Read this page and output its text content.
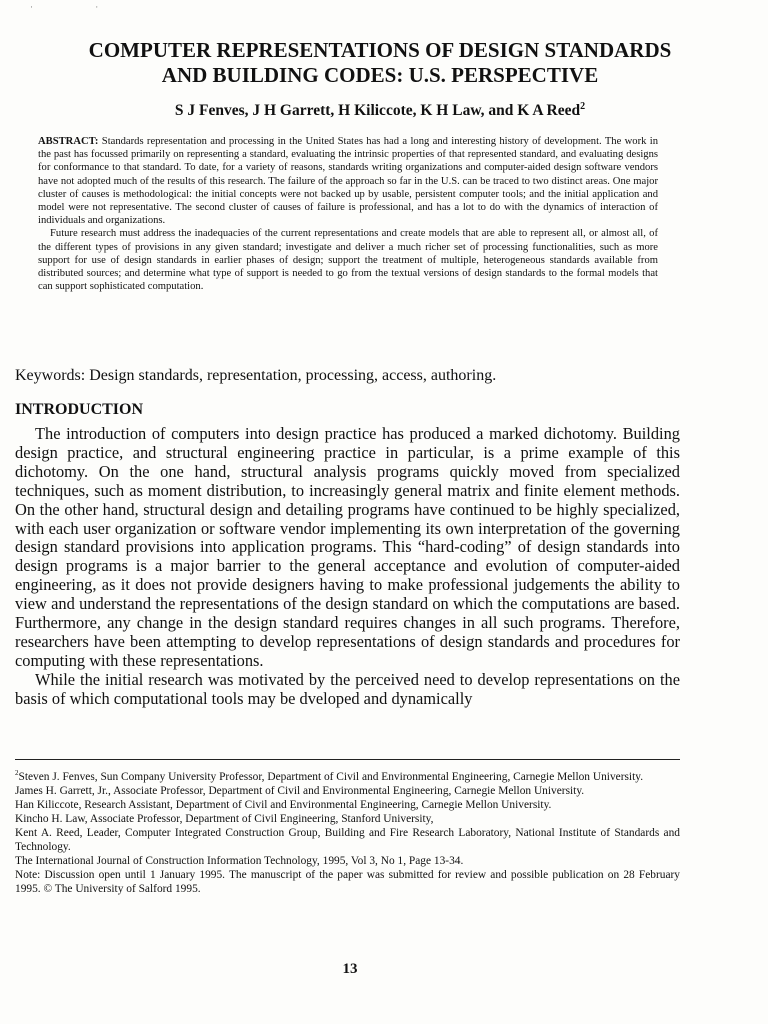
· ·
COMPUTER REPRESENTATIONS OF DESIGN STANDARDS
AND BUILDING CODES: U.S. PERSPECTIVE
S J Fenves, J H Garrett, H Kiliccote, K H Law, and K A Reed$^2$

ABSTRACT: Standards representation and processing in the United States has had a long and interesting history of development. The work in the past has focussed primarily on representing a standard, evaluating the intrinsic properties of that represented standard, and evaluating designs for conformance to that standard. To date, for a variety of reasons, standards writing organizations and computer-aided design software vendors have not adopted much of the results of this research. The failure of the approach so far in the U.S. can be traced to two distinct areas. One major cluster of causes is methodological: the initial concepts were not backed up by usable, persistent computer tools; and the initial application and model were not representative. The second cluster of causes of failure is professional, and has a lot to do with the dynamics of interaction of individuals and organizations.

Future research must address the inadequacies of the current representations and create models that are able to represent all, or almost all, of the different types of provisions in any given standard; investigate and deliver a much richer set of processing functionalities, such as more support for use of design standards in earlier phases of design; support the treatment of multiple, heterogeneous standards available from distributed sources; and determine what type of support is needed to go from the textual versions of design standards to the formal models that can support sophisticated computation.

Keywords: Design standards, representation, processing, access, authoring.
INTRODUCTION

The introduction of computers into design practice has produced a marked dichotomy. Building design practice, and structural engineering practice in particular, is a prime example of this dichotomy. On the one hand, structural analysis programs quickly moved from specialized techniques, such as moment distribution, to increasingly general matrix and finite element methods. On the other hand, structural design and detailing programs have continued to be highly specialized, with each user organization or software vendor implementing its own interpretation of the governing design standard provisions into application programs. This “hard-coding” of design standards into design programs is a major barrier to the general acceptance and evolution of computer-aided engineering, as it does not provide designers having to make professional judgements the ability to view and understand the representations of the design standard on which the computations are based. Furthermore, any change in the design standard requires changes in all such programs. Therefore, researchers have been attempting to develop representations of design standards and procedures for computing with these representations.

While the initial research was motivated by the perceived need to develop representations on the basis of which computational tools may be dveloped and dynamically

$^2$Steven J. Fenves, Sun Company University Professor, Department of Civil and Environmental Engineering, Carnegie Mellon University.

James H. Garrett, Jr., Associate Professor, Department of Civil and Environmental Engineering, Carnegie Mellon University.

Han Kiliccote, Research Assistant, Department of Civil and Environmental Engineering, Carnegie Mellon University.

Kincho H. Law, Associate Professor, Department of Civil Engineering, Stanford University,

Kent A. Reed, Leader, Computer Integrated Construction Group, Building and Fire Research Laboratory, National Institute of Standards and Technology.

The International Journal of Construction Information Technology, 1995, Vol 3, No 1, Page 13-34.

Note: Discussion open until 1 January 1995. The manuscript of the paper was submitted for review and possible publication on 28 February 1995. © The University of Salford 1995.

13
